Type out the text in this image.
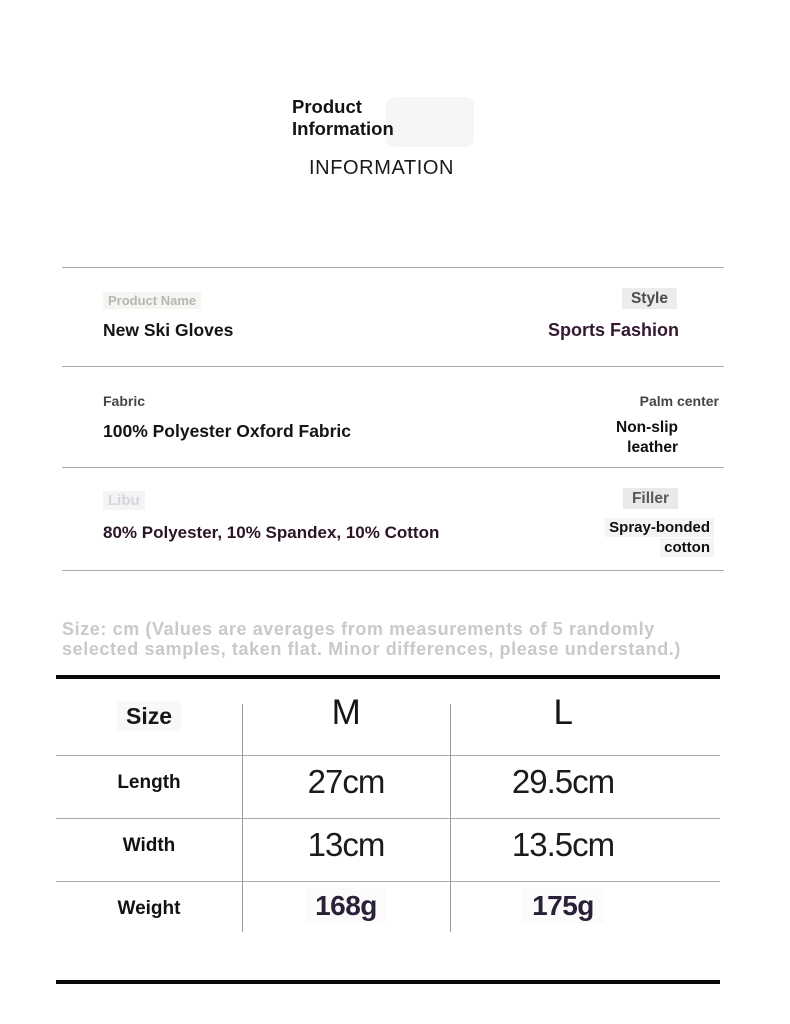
Product
Information
INFORMATION
Product Name
New Ski Gloves
Style
Sports Fashion
Fabric
100% Polyester Oxford Fabric
Palm center
Non-slip
leather
Libu
80% Polyester, 10% Spandex, 10% Cotton
Filler
Spray-bonded
cotton
Size: cm (Values are averages from measurements of 5 randomly
selected samples, taken flat. Minor differences, please understand.)
Size	M	L
Length	27cm	29.5cm
Width	13cm	13.5cm
Weight	168g	175g
